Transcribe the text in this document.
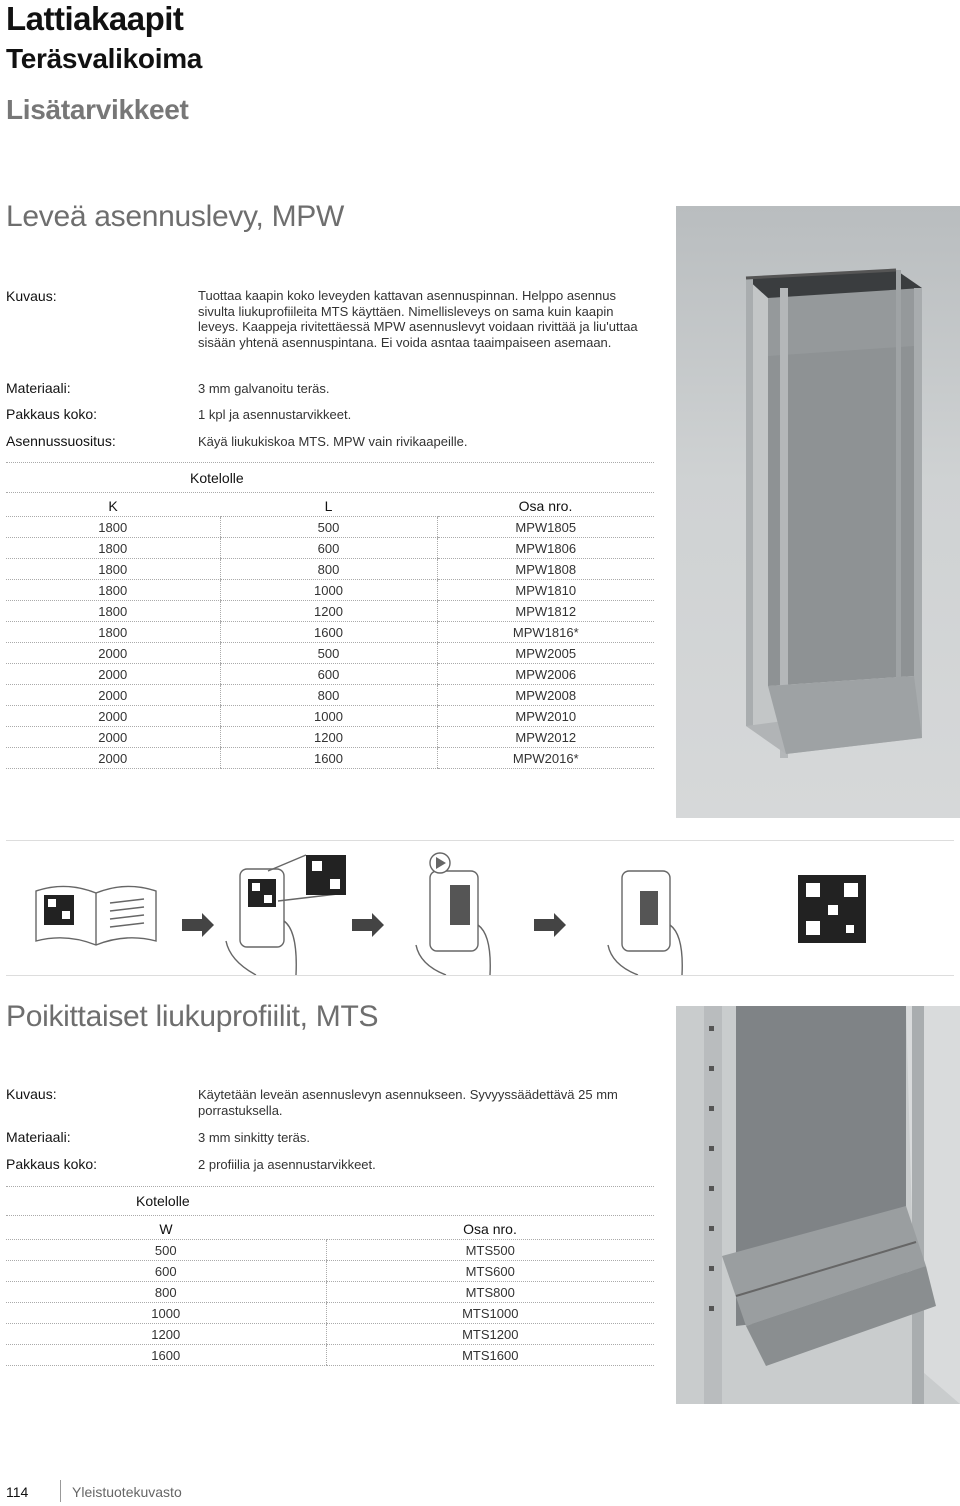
Lattiakaapit
Teräsvalikoima
Lisätarvikkeet
Leveä asennuslevy, MPW
Kuvaus:	Tuottaa kaapin koko leveyden kattavan asennuspinnan. Helppo asennus sivulta liukuprofiileita MTS käyttäen. Nimellisleveys on sama kuin kaapin leveys. Kaappeja rivitettäessä MPW asennuslevyt voidaan rivittää ja liu'uttaa sisään yhtenä asennuspintana. Ei voida asntaa taaimpaiseen asemaan.
Materiaali:	3 mm galvanoitu teräs.
Pakkaus koko:	1 kpl ja asennustarvikkeet.
Asennussuositus:	Käyä liukukiskoa MTS. MPW vain rivikaapeille.
Kotelolle
K	L	Osa nro.
1800	500	MPW1805
1800	600	MPW1806
1800	800	MPW1808
1800	1000	MPW1810
1800	1200	MPW1812
1800	1600	MPW1816*
2000	500	MPW2005
2000	600	MPW2006
2000	800	MPW2008
2000	1000	MPW2010
2000	1200	MPW2012
2000	1600	MPW2016*
Poikittaiset liukuprofiilit, MTS
Kuvaus:	Käytetään leveän asennuslevyn asennukseen. Syvyyssäädettävä 25 mm porrastuksella.
Materiaali:	3 mm sinkitty teräs.
Pakkaus koko:	2 profiilia ja asennustarvikkeet.
Kotelolle
W	Osa nro.
500	MTS500
600	MTS600
800	MTS800
1000	MTS1000
1200	MTS1200
1600	MTS1600
114	Yleistuotekuvasto
